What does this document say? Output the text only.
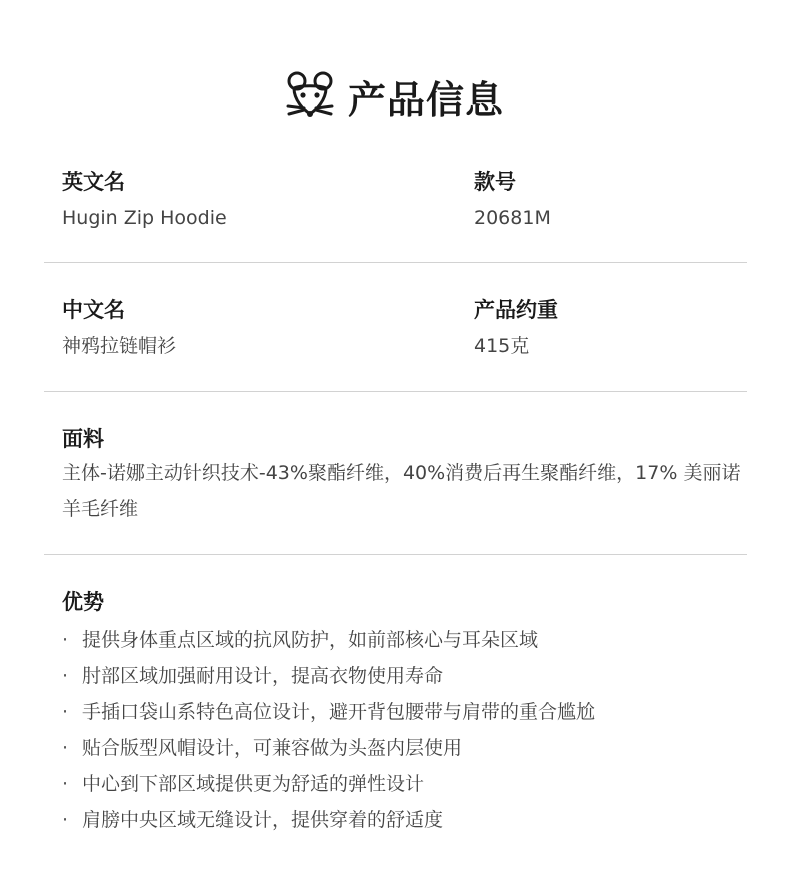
产品信息
英文名
Hugin Zip Hoodie
款号
20681M
中文名
神鸦拉链帽衫
产品约重
415克
面料
主体-诺娜主动针织技术-43%聚酯纤维，40%消费后再生聚酯纤维，17% 美丽诺羊毛纤维
优势
· 提供身体重点区域的抗风防护，如前部核心与耳朵区域
· 肘部区域加强耐用设计，提高衣物使用寿命
· 手插口袋山系特色高位设计，避开背包腰带与肩带的重合尴尬
· 贴合版型风帽设计，可兼容做为头盔内层使用
· 中心到下部区域提供更为舒适的弹性设计
· 肩膀中央区域无缝设计，提供穿着的舒适度
